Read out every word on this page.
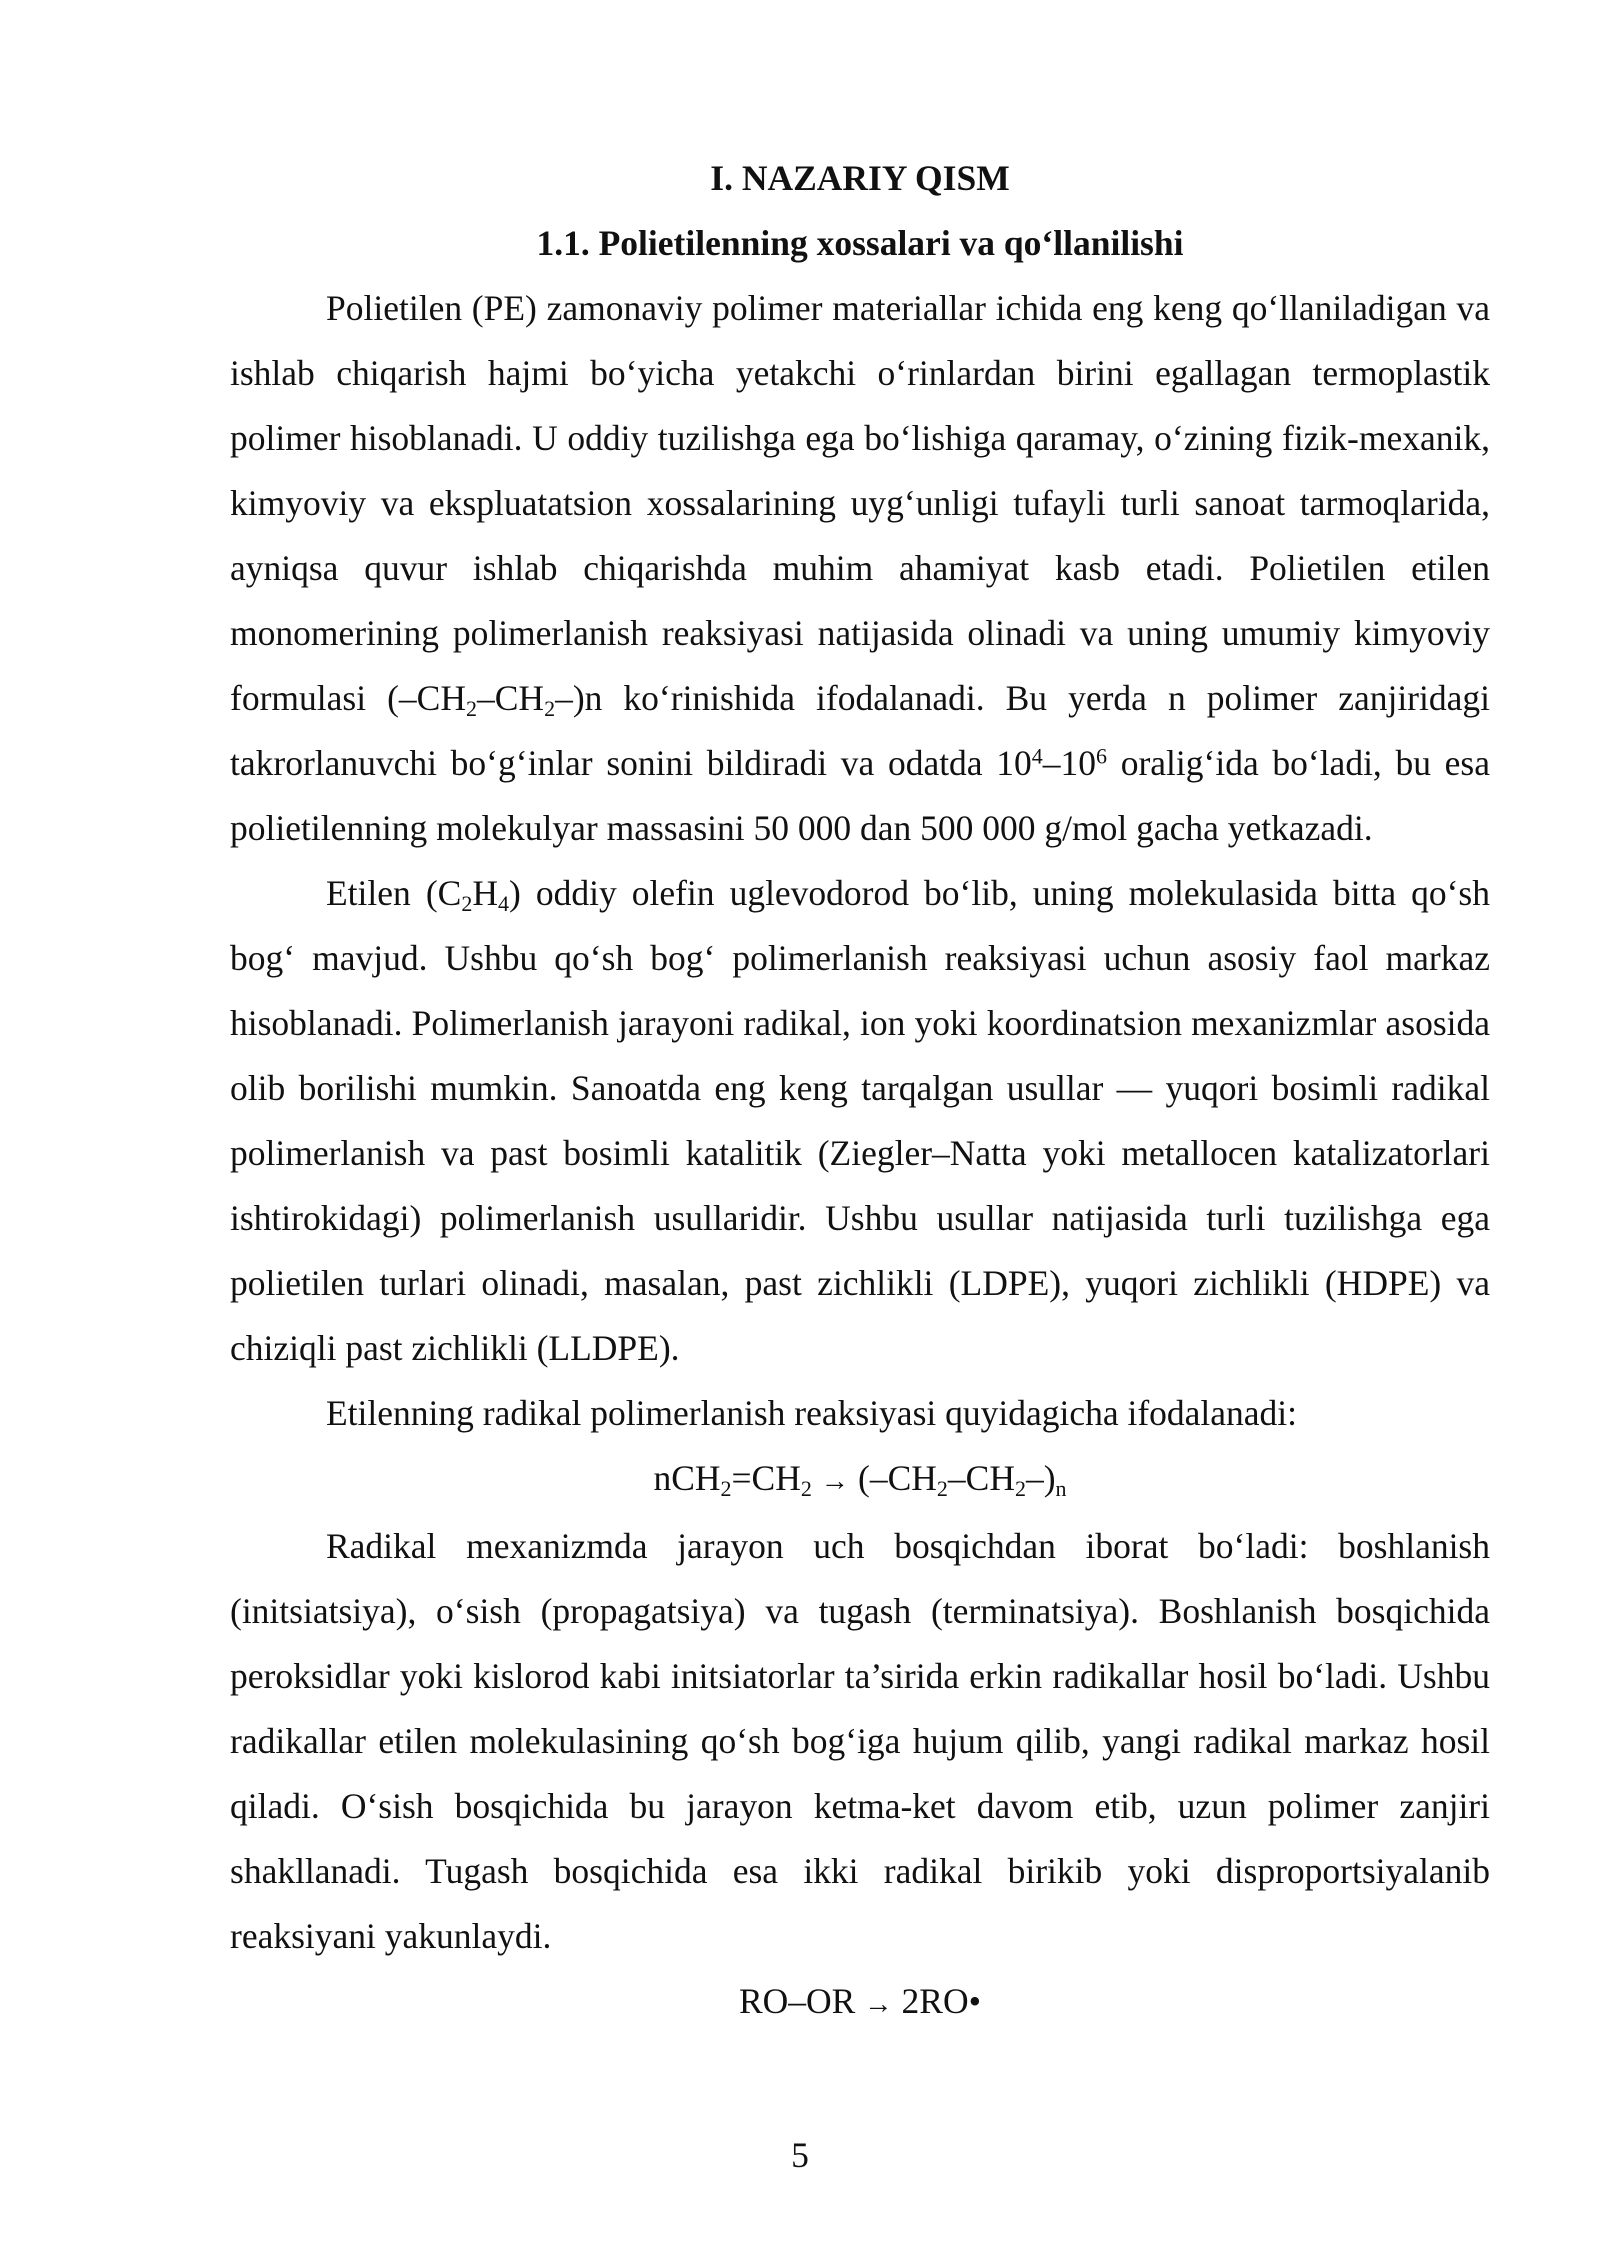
I. NAZARIY QISM
1.1. Polietilenning xossalari va qo‘llanilishi

Polietilen (PE) zamonaviy polimer materiallar ichida eng keng qo‘llaniladigan va ishlab chiqarish hajmi bo‘yicha yetakchi o‘rinlardan birini egallagan termoplastik polimer hisoblanadi. U oddiy tuzilishga ega bo‘lishiga qaramay, o‘zining fizik-mexanik, kimyoviy va ekspluatatsion xossalarining uyg‘unligi tufayli turli sanoat tarmoqlarida, ayniqsa quvur ishlab chiqarishda muhim ahamiyat kasb etadi. Polietilen etilen monomerining polimerlanish reaksiyasi natijasida olinadi va uning umumiy kimyoviy formulasi $(-CH_2-CH_2-)n$ ko‘rinishida ifodalanadi. Bu yerda n polimer zanjiridagi takrorlanuvchi bo‘g‘inlar sonini bildiradi va odatda $10^4-10^6$ oralig‘ida bo‘ladi, bu esa polietilenning molekulyar massasini 50 000 dan 500 000 g/mol gacha yetkazadi.

Etilen $(C_2H_4)$ oddiy olefin uglevodorod bo‘lib, uning molekulasida bitta qo‘sh bog‘ mavjud. Ushbu qo‘sh bog‘ polimerlanish reaksiyasi uchun asosiy faol markaz hisoblanadi. Polimerlanish jarayoni radikal, ion yoki koordinatsion mexanizmlar asosida olib borilishi mumkin. Sanoatda eng keng tarqalgan usullar — yuqori bosimli radikal polimerlanish va past bosimli katalitik (Ziegler–Natta yoki metallocen katalizatorlari ishtirokidagi) polimerlanish usullaridir. Ushbu usullar natijasida turli tuzilishga ega polietilen turlari olinadi, masalan, past zichlikli (LDPE), yuqori zichlikli (HDPE) va chiziqli past zichlikli (LLDPE).

Etilenning radikal polimerlanish reaksiyasi quyidagicha ifodalanadi:

$nCH_2=CH_2 \to (-CH_2-CH_2-)_n$

Radikal mexanizmda jarayon uch bosqichdan iborat bo‘ladi: boshlanish (initsiatsiya), o‘sish (propagatsiya) va tugash (terminatsiya). Boshlanish bosqichida peroksidlar yoki kislorod kabi initsiatorlar ta’sirida erkin radikallar hosil bo‘ladi. Ushbu radikallar etilen molekulasining qo‘sh bog‘iga hujum qilib, yangi radikal markaz hosil qiladi. O‘sish bosqichida bu jarayon ketma-ket davom etib, uzun polimer zanjiri shakllanadi. Tugash bosqichida esa ikki radikal birikib yoki disproportsiyalanib reaksiyani yakunlaydi.

RO–OR → 2RO•

5
